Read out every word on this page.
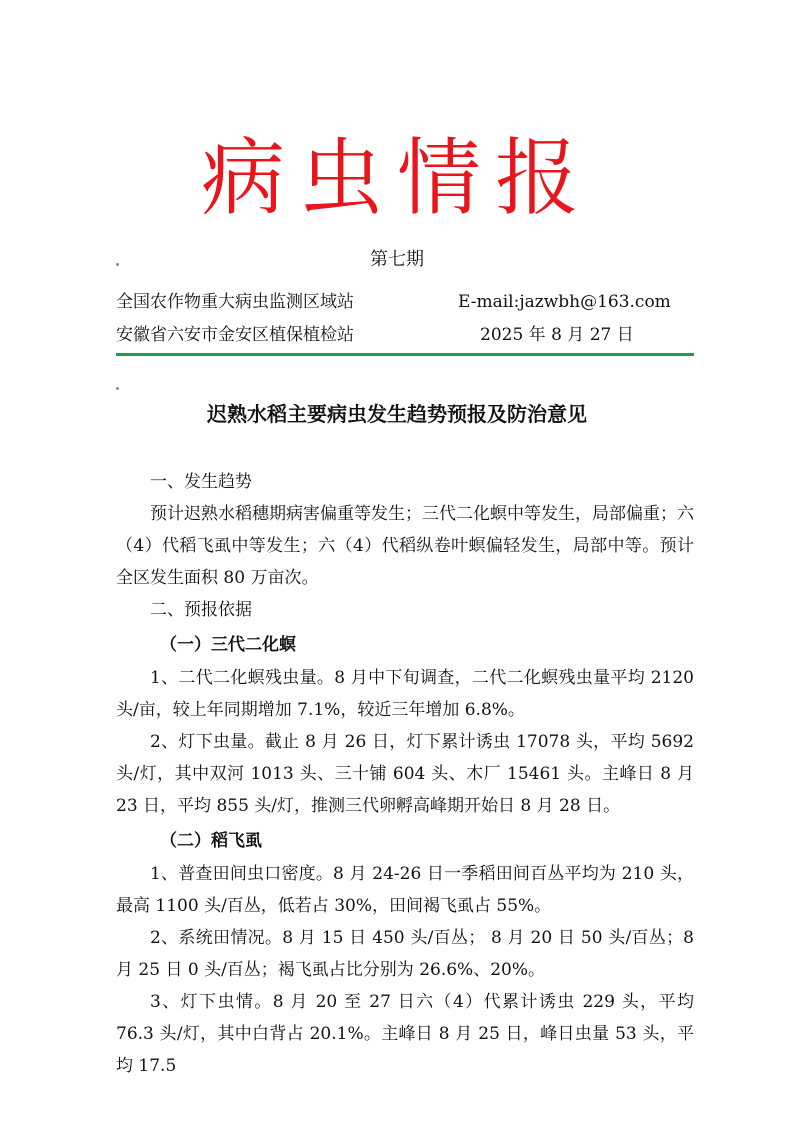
病虫情报
第七期
全国农作物重大病虫监测区域站	E-mail:jazwbh@163.com
安徽省六安市金安区植保植检站	2025 年 8 月 27 日
迟熟水稻主要病虫发生趋势预报及防治意见
一、发生趋势

预计迟熟水稻穗期病害偏重等发生；三代二化螟中等发生，局部偏重；六（4）代稻飞虱中等发生；六（4）代稻纵卷叶螟偏轻发生，局部中等。预计全区发生面积 80 万亩次。

二、预报依据
（一）三代二化螟

1、二代二化螟残虫量。8 月中下旬调查，二代二化螟残虫量平均 2120 头/亩，较上年同期增加 7.1%，较近三年增加 6.8%。

2、灯下虫量。截止 8 月 26 日，灯下累计诱虫 17078 头，平均 5692 头/灯，其中双河 1013 头、三十铺 604 头、木厂 15461 头。主峰日 8 月 23 日，平均 855 头/灯，推测三代卵孵高峰期开始日 8 月 28 日。

（二）稻飞虱

1、普查田间虫口密度。8 月 24-26 日一季稻田间百丛平均为 210 头，最高 1100 头/百丛，低若占 30%，田间褐飞虱占 55%。

2、系统田情况。8 月 15 日 450 头/百丛； 8 月 20 日 50 头/百丛；8 月 25 日 0 头/百丛；褐飞虱占比分别为 26.6%、20%。

3、灯下虫情。8 月 20 至 27 日六（4）代累计诱虫 229 头，平均 76.3 头/灯，其中白背占 20.1%。主峰日 8 月 25 日，峰日虫量 53 头，平均 17.5
